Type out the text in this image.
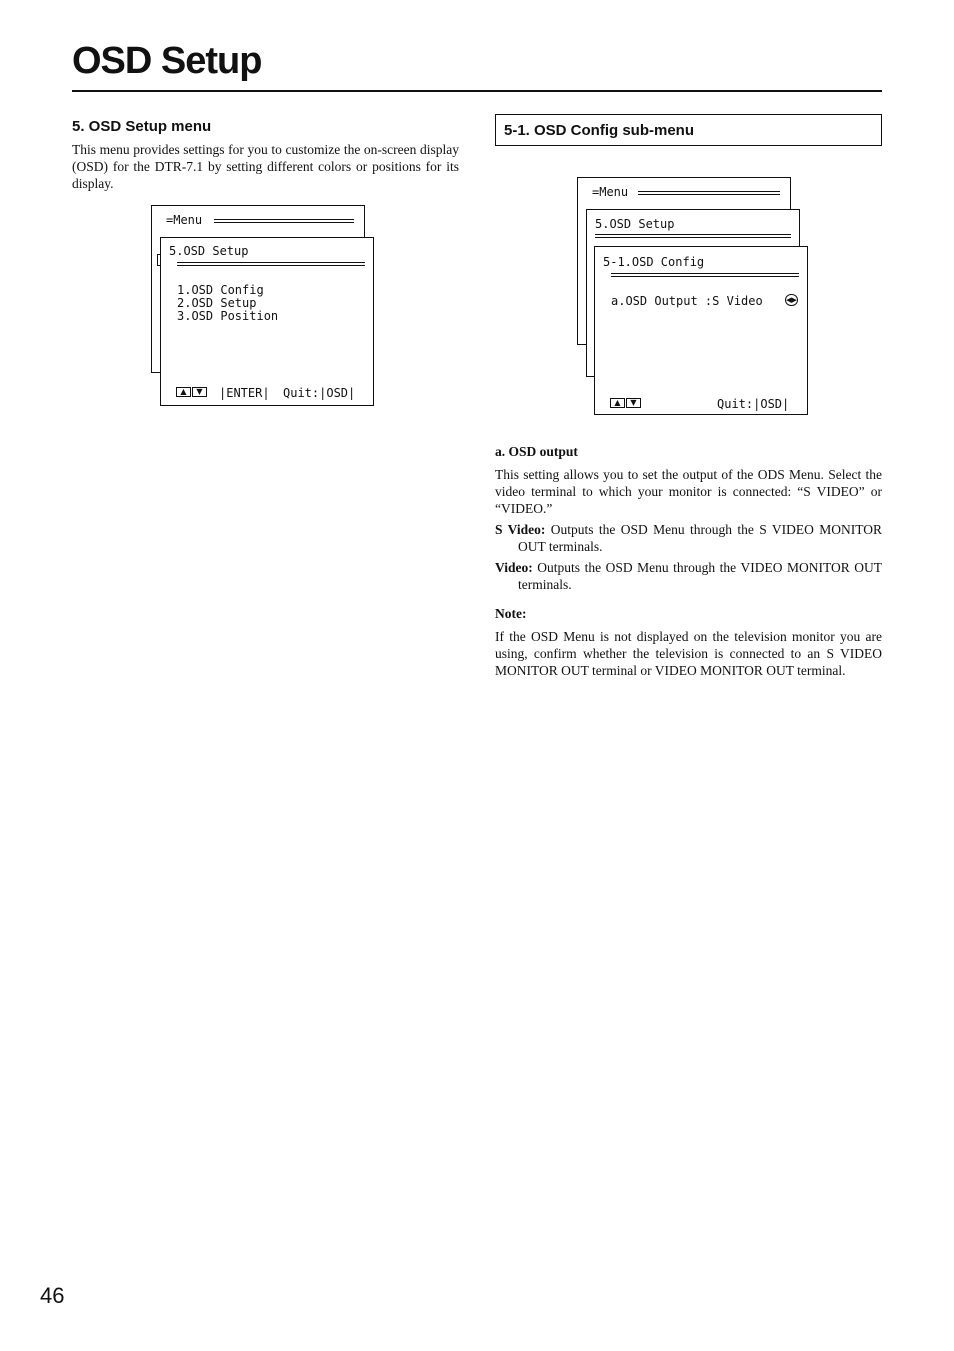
OSD Setup
5. OSD Setup menu
This menu provides settings for you to customize the on-screen display (OSD) for the DTR-7.1 by setting different colors or positions for its display.
=Menu
5.OSD Setup
1.OSD Config
2.OSD Setup
3.OSD Position
▲	▼	|ENTER| Quit:|OSD|
5-1. OSD Config sub-menu
=Menu
5.OSD Setup
5-1.OSD Config
a.OSD Output :S Video	◀▶
▲	▼	Quit:|OSD|
a. OSD output
This setting allows you to set the output of the ODS Menu. Select the video terminal to which your monitor is connected: “S VIDEO” or “VIDEO.”
S Video: Outputs the OSD Menu through the S VIDEO MONITOR OUT terminals.
Video: Outputs the OSD Menu through the VIDEO MONITOR OUT terminals.
Note:
If the OSD Menu is not displayed on the television monitor you are using, confirm whether the television is connected to an S VIDEO MONITOR OUT terminal or VIDEO MONITOR OUT terminal.
46
